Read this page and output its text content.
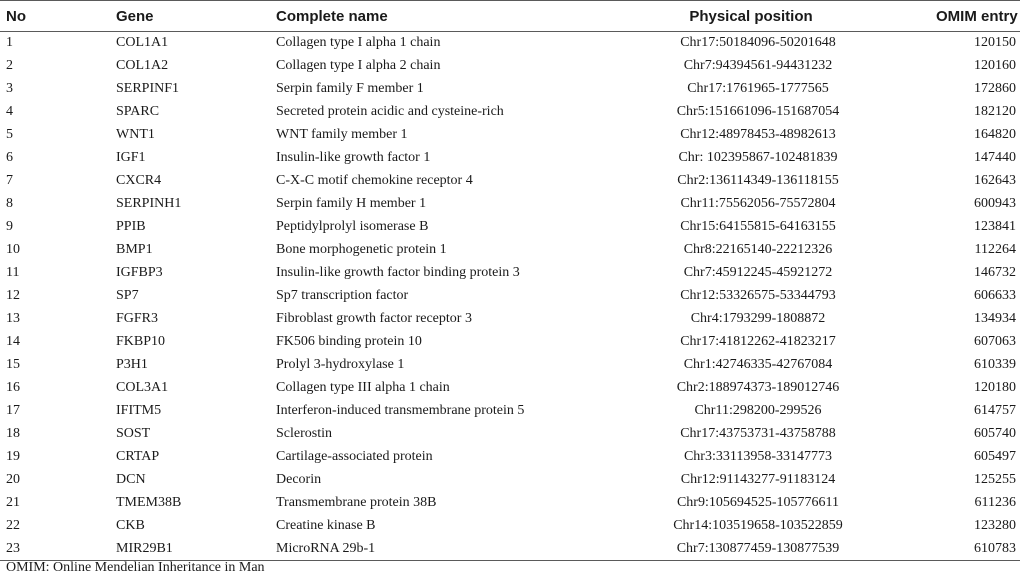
No	Gene	Complete name	Physical position	OMIM entry
1	COL1A1	Collagen type I alpha 1 chain	Chr17:50184096-50201648	120150
2	COL1A2	Collagen type I alpha 2 chain	Chr7:94394561-94431232	120160
3	SERPINF1	Serpin family F member 1	Chr17:1761965-1777565	172860
4	SPARC	Secreted protein acidic and cysteine-rich	Chr5:151661096-151687054	182120
5	WNT1	WNT family member 1	Chr12:48978453-48982613	164820
6	IGF1	Insulin-like growth factor 1	Chr: 102395867-102481839	147440
7	CXCR4	C-X-C motif chemokine receptor 4	Chr2:136114349-136118155	162643
8	SERPINH1	Serpin family H member 1	Chr11:75562056-75572804	600943
9	PPIB	Peptidylprolyl isomerase B	Chr15:64155815-64163155	123841
10	BMP1	Bone morphogenetic protein 1	Chr8:22165140-22212326	112264
11	IGFBP3	Insulin-like growth factor binding protein 3	Chr7:45912245-45921272	146732
12	SP7	Sp7 transcription factor	Chr12:53326575-53344793	606633
13	FGFR3	Fibroblast growth factor receptor 3	Chr4:1793299-1808872	134934
14	FKBP10	FK506 binding protein 10	Chr17:41812262-41823217	607063
15	P3H1	Prolyl 3-hydroxylase 1	Chr1:42746335-42767084	610339
16	COL3A1	Collagen type III alpha 1 chain	Chr2:188974373-189012746	120180
17	IFITM5	Interferon-induced transmembrane protein 5	Chr11:298200-299526	614757
18	SOST	Sclerostin	Chr17:43753731-43758788	605740
19	CRTAP	Cartilage-associated protein	Chr3:33113958-33147773	605497
20	DCN	Decorin	Chr12:91143277-91183124	125255
21	TMEM38B	Transmembrane protein 38B	Chr9:105694525-105776611	611236
22	CKB	Creatine kinase B	Chr14:103519658-103522859	123280
23	MIR29B1	MicroRNA 29b-1	Chr7:130877459-130877539	610783
OMIM: Online Mendelian Inheritance in Man
